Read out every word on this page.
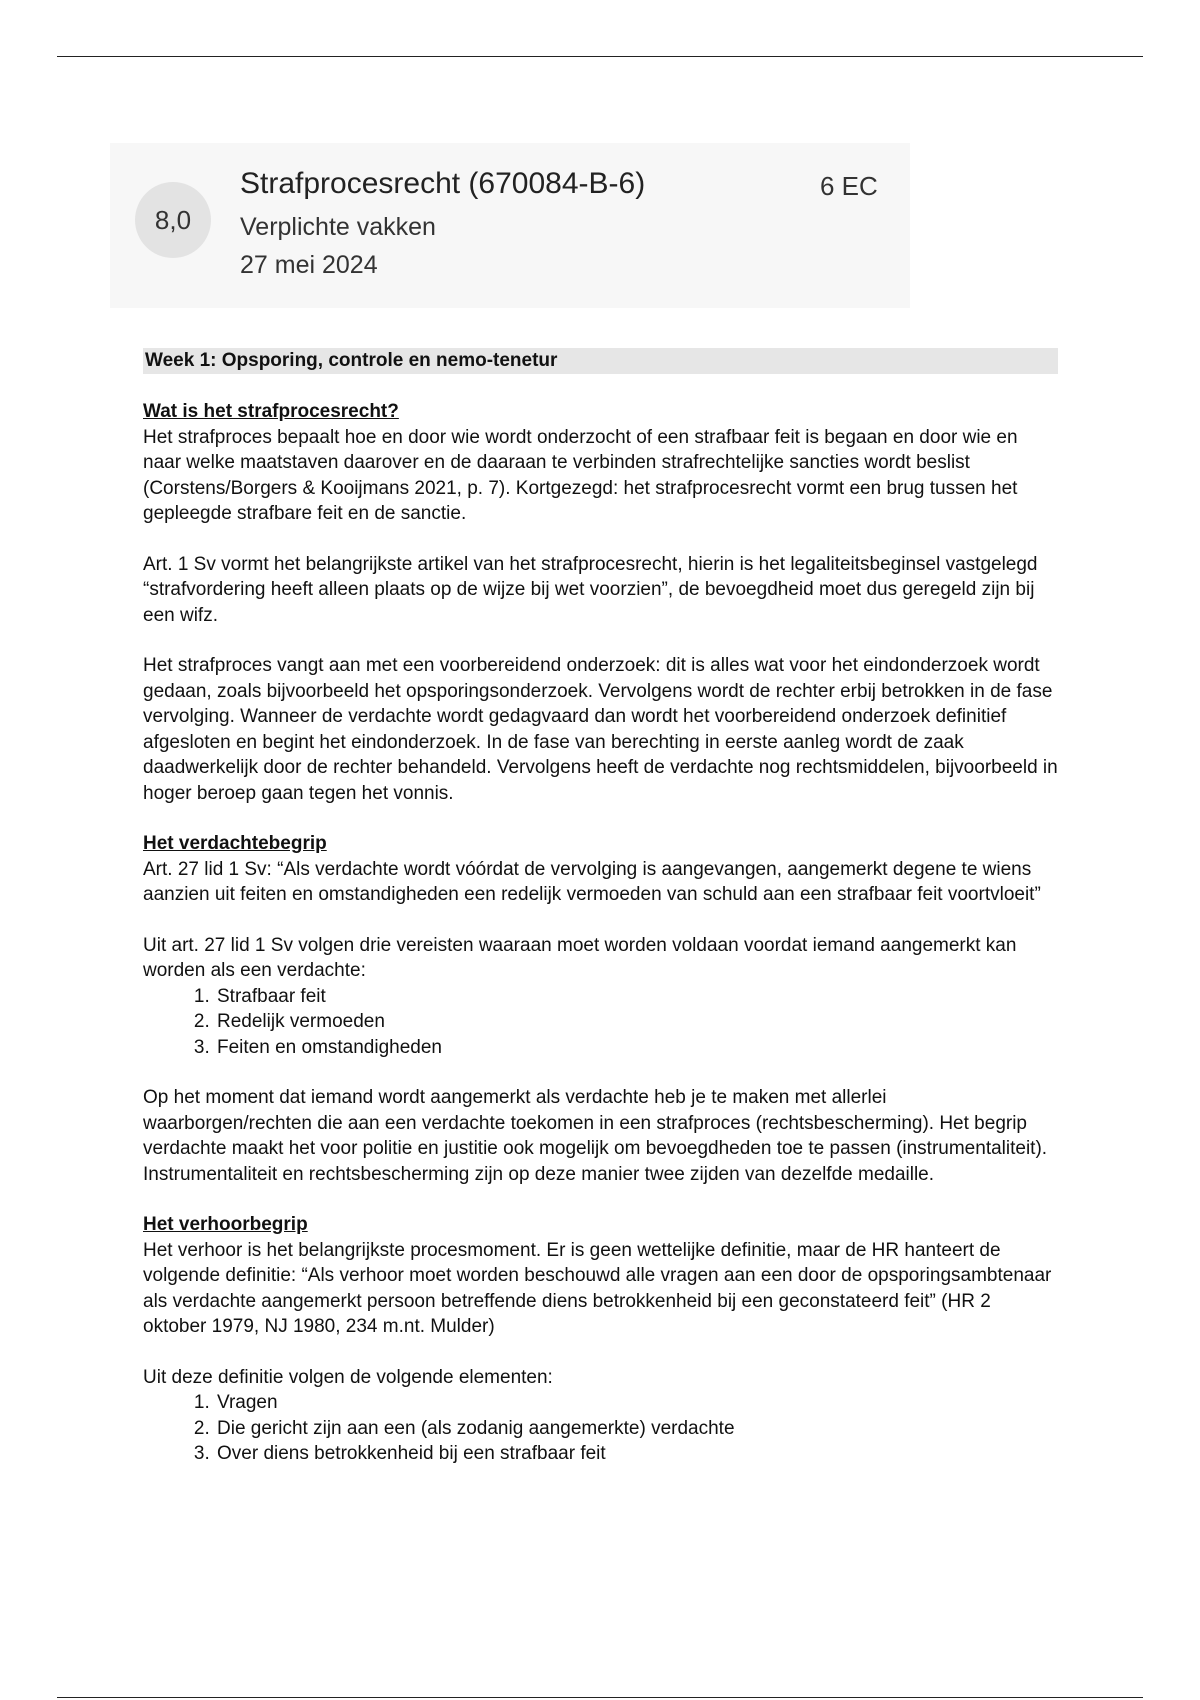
8,0
Strafprocesrecht (670084-B-6)	6 EC
Verplichte vakken
27 mei 2024
Week 1: Opsporing, controle en nemo-tenetur
Wat is het strafprocesrecht?

Het strafproces bepaalt hoe en door wie wordt onderzocht of een strafbaar feit is begaan en door wie en naar welke maatstaven daarover en de daaraan te verbinden strafrechtelijke sancties wordt beslist (Corstens/Borgers & Kooijmans 2021, p. 7). Kortgezegd: het strafprocesrecht vormt een brug tussen het gepleegde strafbare feit en de sanctie.

Art. 1 Sv vormt het belangrijkste artikel van het strafprocesrecht, hierin is het legaliteitsbeginsel vastgelegd “strafvordering heeft alleen plaats op de wijze bij wet voorzien”, de bevoegdheid moet dus geregeld zijn bij een wifz.

Het strafproces vangt aan met een voorbereidend onderzoek: dit is alles wat voor het eindonderzoek wordt gedaan, zoals bijvoorbeeld het opsporingsonderzoek. Vervolgens wordt de rechter erbij betrokken in de fase vervolging. Wanneer de verdachte wordt gedagvaard dan wordt het voorbereidend onderzoek definitief afgesloten en begint het eindonderzoek. In de fase van berechting in eerste aanleg wordt de zaak daadwerkelijk door de rechter behandeld. Vervolgens heeft de verdachte nog rechtsmiddelen, bijvoorbeeld in hoger beroep gaan tegen het vonnis.

Het verdachtebegrip

Art. 27 lid 1 Sv: “Als verdachte wordt vóórdat de vervolging is aangevangen, aangemerkt degene te wiens aanzien uit feiten en omstandigheden een redelijk vermoeden van schuld aan een strafbaar feit voortvloeit”

Uit art. 27 lid 1 Sv volgen drie vereisten waaraan moet worden voldaan voordat iemand aangemerkt kan worden als een verdachte:

1. Strafbaar feit
2. Redelijk vermoeden
3. Feiten en omstandigheden

Op het moment dat iemand wordt aangemerkt als verdachte heb je te maken met allerlei waarborgen/rechten die aan een verdachte toekomen in een strafproces (rechtsbescherming). Het begrip verdachte maakt het voor politie en justitie ook mogelijk om bevoegdheden toe te passen (instrumentaliteit). Instrumentaliteit en rechtsbescherming zijn op deze manier twee zijden van dezelfde medaille.

Het verhoorbegrip

Het verhoor is het belangrijkste procesmoment. Er is geen wettelijke definitie, maar de HR hanteert de volgende definitie: “Als verhoor moet worden beschouwd alle vragen aan een door de opsporingsambtenaar als verdachte aangemerkt persoon betreffende diens betrokkenheid bij een geconstateerd feit” (HR 2 oktober 1979, NJ 1980, 234 m.nt. Mulder)

Uit deze definitie volgen de volgende elementen:

1. Vragen
2. Die gericht zijn aan een (als zodanig aangemerkte) verdachte
3. Over diens betrokkenheid bij een strafbaar feit
